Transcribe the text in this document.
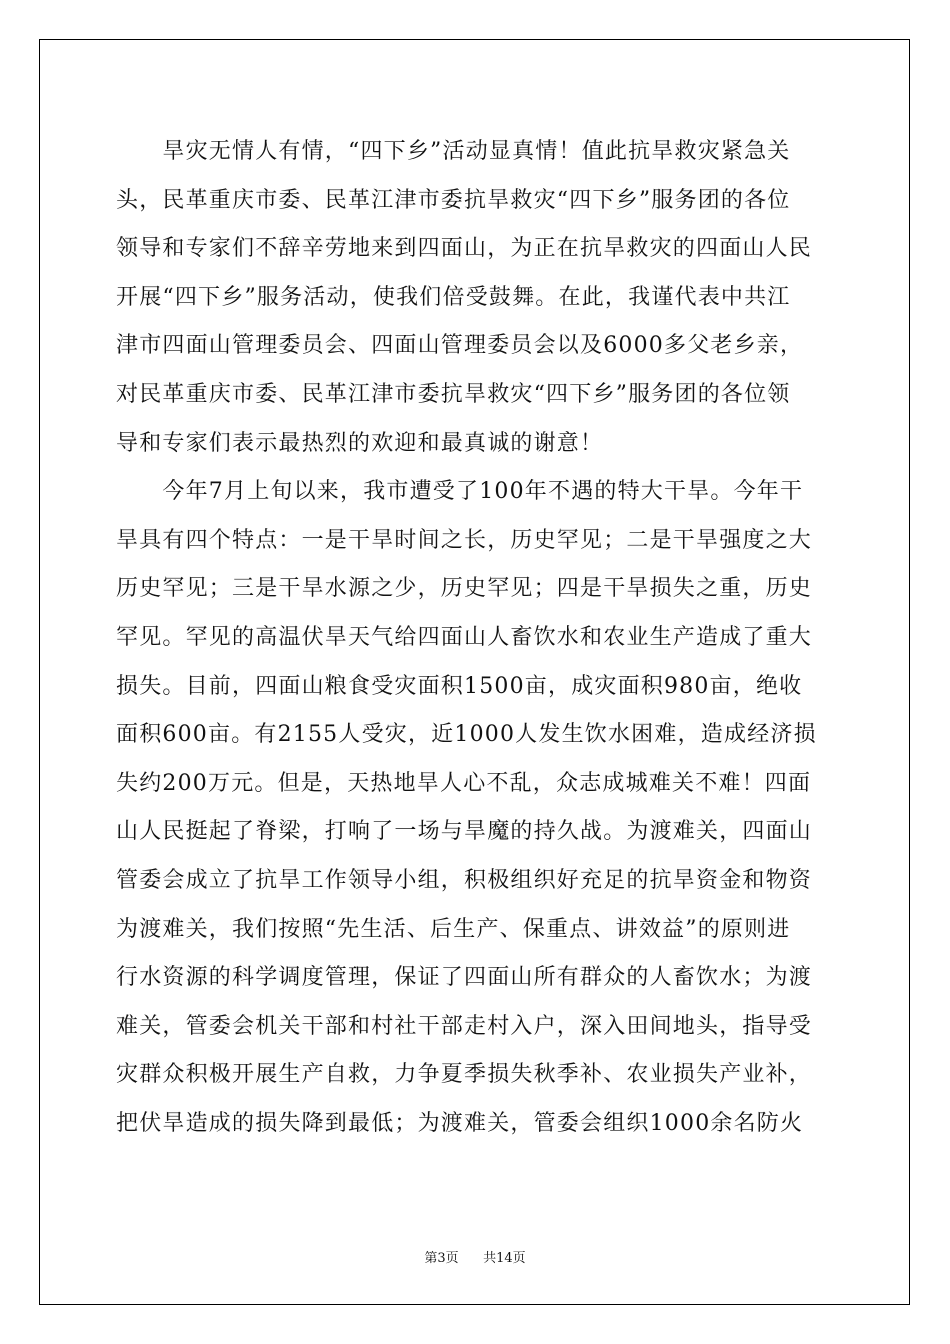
　　旱灾无情人有情，“四下乡”活动显真情！值此抗旱救灾紧急关
头，民革重庆市委、民革江津市委抗旱救灾“四下乡”服务团的各位
领导和专家们不辞辛劳地来到四面山，为正在抗旱救灾的四面山人民
开展“四下乡”服务活动，使我们倍受鼓舞。在此，我谨代表中共江
津市四面山管理委员会、四面山管理委员会以及6000多父老乡亲，
对民革重庆市委、民革江津市委抗旱救灾“四下乡”服务团的各位领
导和专家们表示最热烈的欢迎和最真诚的谢意！
　　今年7月上旬以来，我市遭受了100年不遇的特大干旱。今年干
旱具有四个特点：一是干旱时间之长，历史罕见；二是干旱强度之大
历史罕见；三是干旱水源之少，历史罕见；四是干旱损失之重，历史
罕见。罕见的高温伏旱天气给四面山人畜饮水和农业生产造成了重大
损失。目前，四面山粮食受灾面积1500亩，成灾面积980亩，绝收
面积600亩。有2155人受灾，近1000人发生饮水困难，造成经济损
失约200万元。但是，天热地旱人心不乱，众志成城难关不难！四面
山人民挺起了脊梁，打响了一场与旱魔的持久战。为渡难关，四面山
管委会成立了抗旱工作领导小组，积极组织好充足的抗旱资金和物资
为渡难关，我们按照“先生活、后生产、保重点、讲效益”的原则进
行水资源的科学调度管理，保证了四面山所有群众的人畜饮水；为渡
难关，管委会机关干部和村社干部走村入户，深入田间地头，指导受
灾群众积极开展生产自救，力争夏季损失秋季补、农业损失产业补，
把伏旱造成的损失降到最低；为渡难关，管委会组织1000余名防火
第3页 共14页
